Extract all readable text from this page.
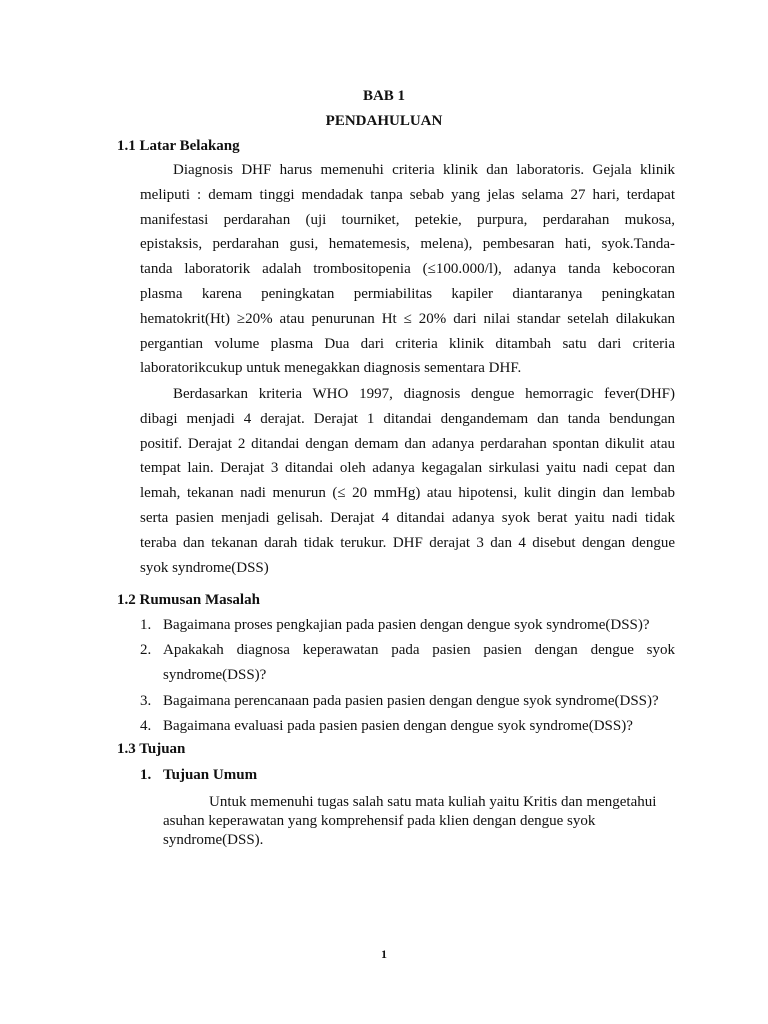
BAB 1
PENDAHULUAN
1.1 Latar Belakang
Diagnosis DHF harus memenuhi criteria klinik dan laboratoris. Gejala klinik
meliputi : demam tinggi mendadak tanpa sebab yang jelas selama 27 hari, terdapat
manifestasi perdarahan (uji tourniket, petekie, purpura, perdarahan mukosa,
epistaksis, perdarahan gusi, hematemesis, melena), pembesaran hati, syok.Tanda-
tanda laboratorik adalah trombositopenia (≤100.000/l), adanya tanda kebocoran
plasma karena peningkatan permiabilitas kapiler diantaranya peningkatan
hematokrit(Ht) ≥20% atau penurunan Ht ≤ 20% dari nilai standar setelah dilakukan
pergantian volume plasma Dua dari criteria klinik ditambah satu dari criteria
laboratorikcukup untuk menegakkan diagnosis sementara DHF.
Berdasarkan kriteria WHO 1997, diagnosis dengue hemorragic fever(DHF)
dibagi menjadi 4 derajat. Derajat 1 ditandai dengandemam dan tanda bendungan
positif. Derajat 2 ditandai dengan demam dan adanya perdarahan spontan dikulit atau
tempat lain. Derajat 3 ditandai oleh adanya kegagalan sirkulasi yaitu nadi cepat dan
lemah, tekanan nadi menurun (≤ 20 mmHg) atau hipotensi, kulit dingin dan lembab
serta pasien menjadi gelisah. Derajat 4 ditandai adanya syok berat yaitu nadi tidak
teraba dan tekanan darah tidak terukur. DHF derajat 3 dan 4 disebut dengan dengue
syok syndrome(DSS)
1.2 Rumusan Masalah
1. Bagaimana proses pengkajian pada pasien dengan dengue syok syndrome(DSS)?
2. Apakakah diagnosa keperawatan pada pasien pasien dengan dengue syok
syndrome(DSS)?
3. Bagaimana perencanaan pada pasien pasien dengan dengue syok syndrome(DSS)?
4. Bagaimana evaluasi pada pasien pasien dengan dengue syok syndrome(DSS)?
1.3 Tujuan
1. Tujuan Umum
Untuk memenuhi tugas salah satu mata kuliah yaitu Kritis dan mengetahui
asuhan keperawatan yang komprehensif pada klien dengan dengue syok
syndrome(DSS).
1
